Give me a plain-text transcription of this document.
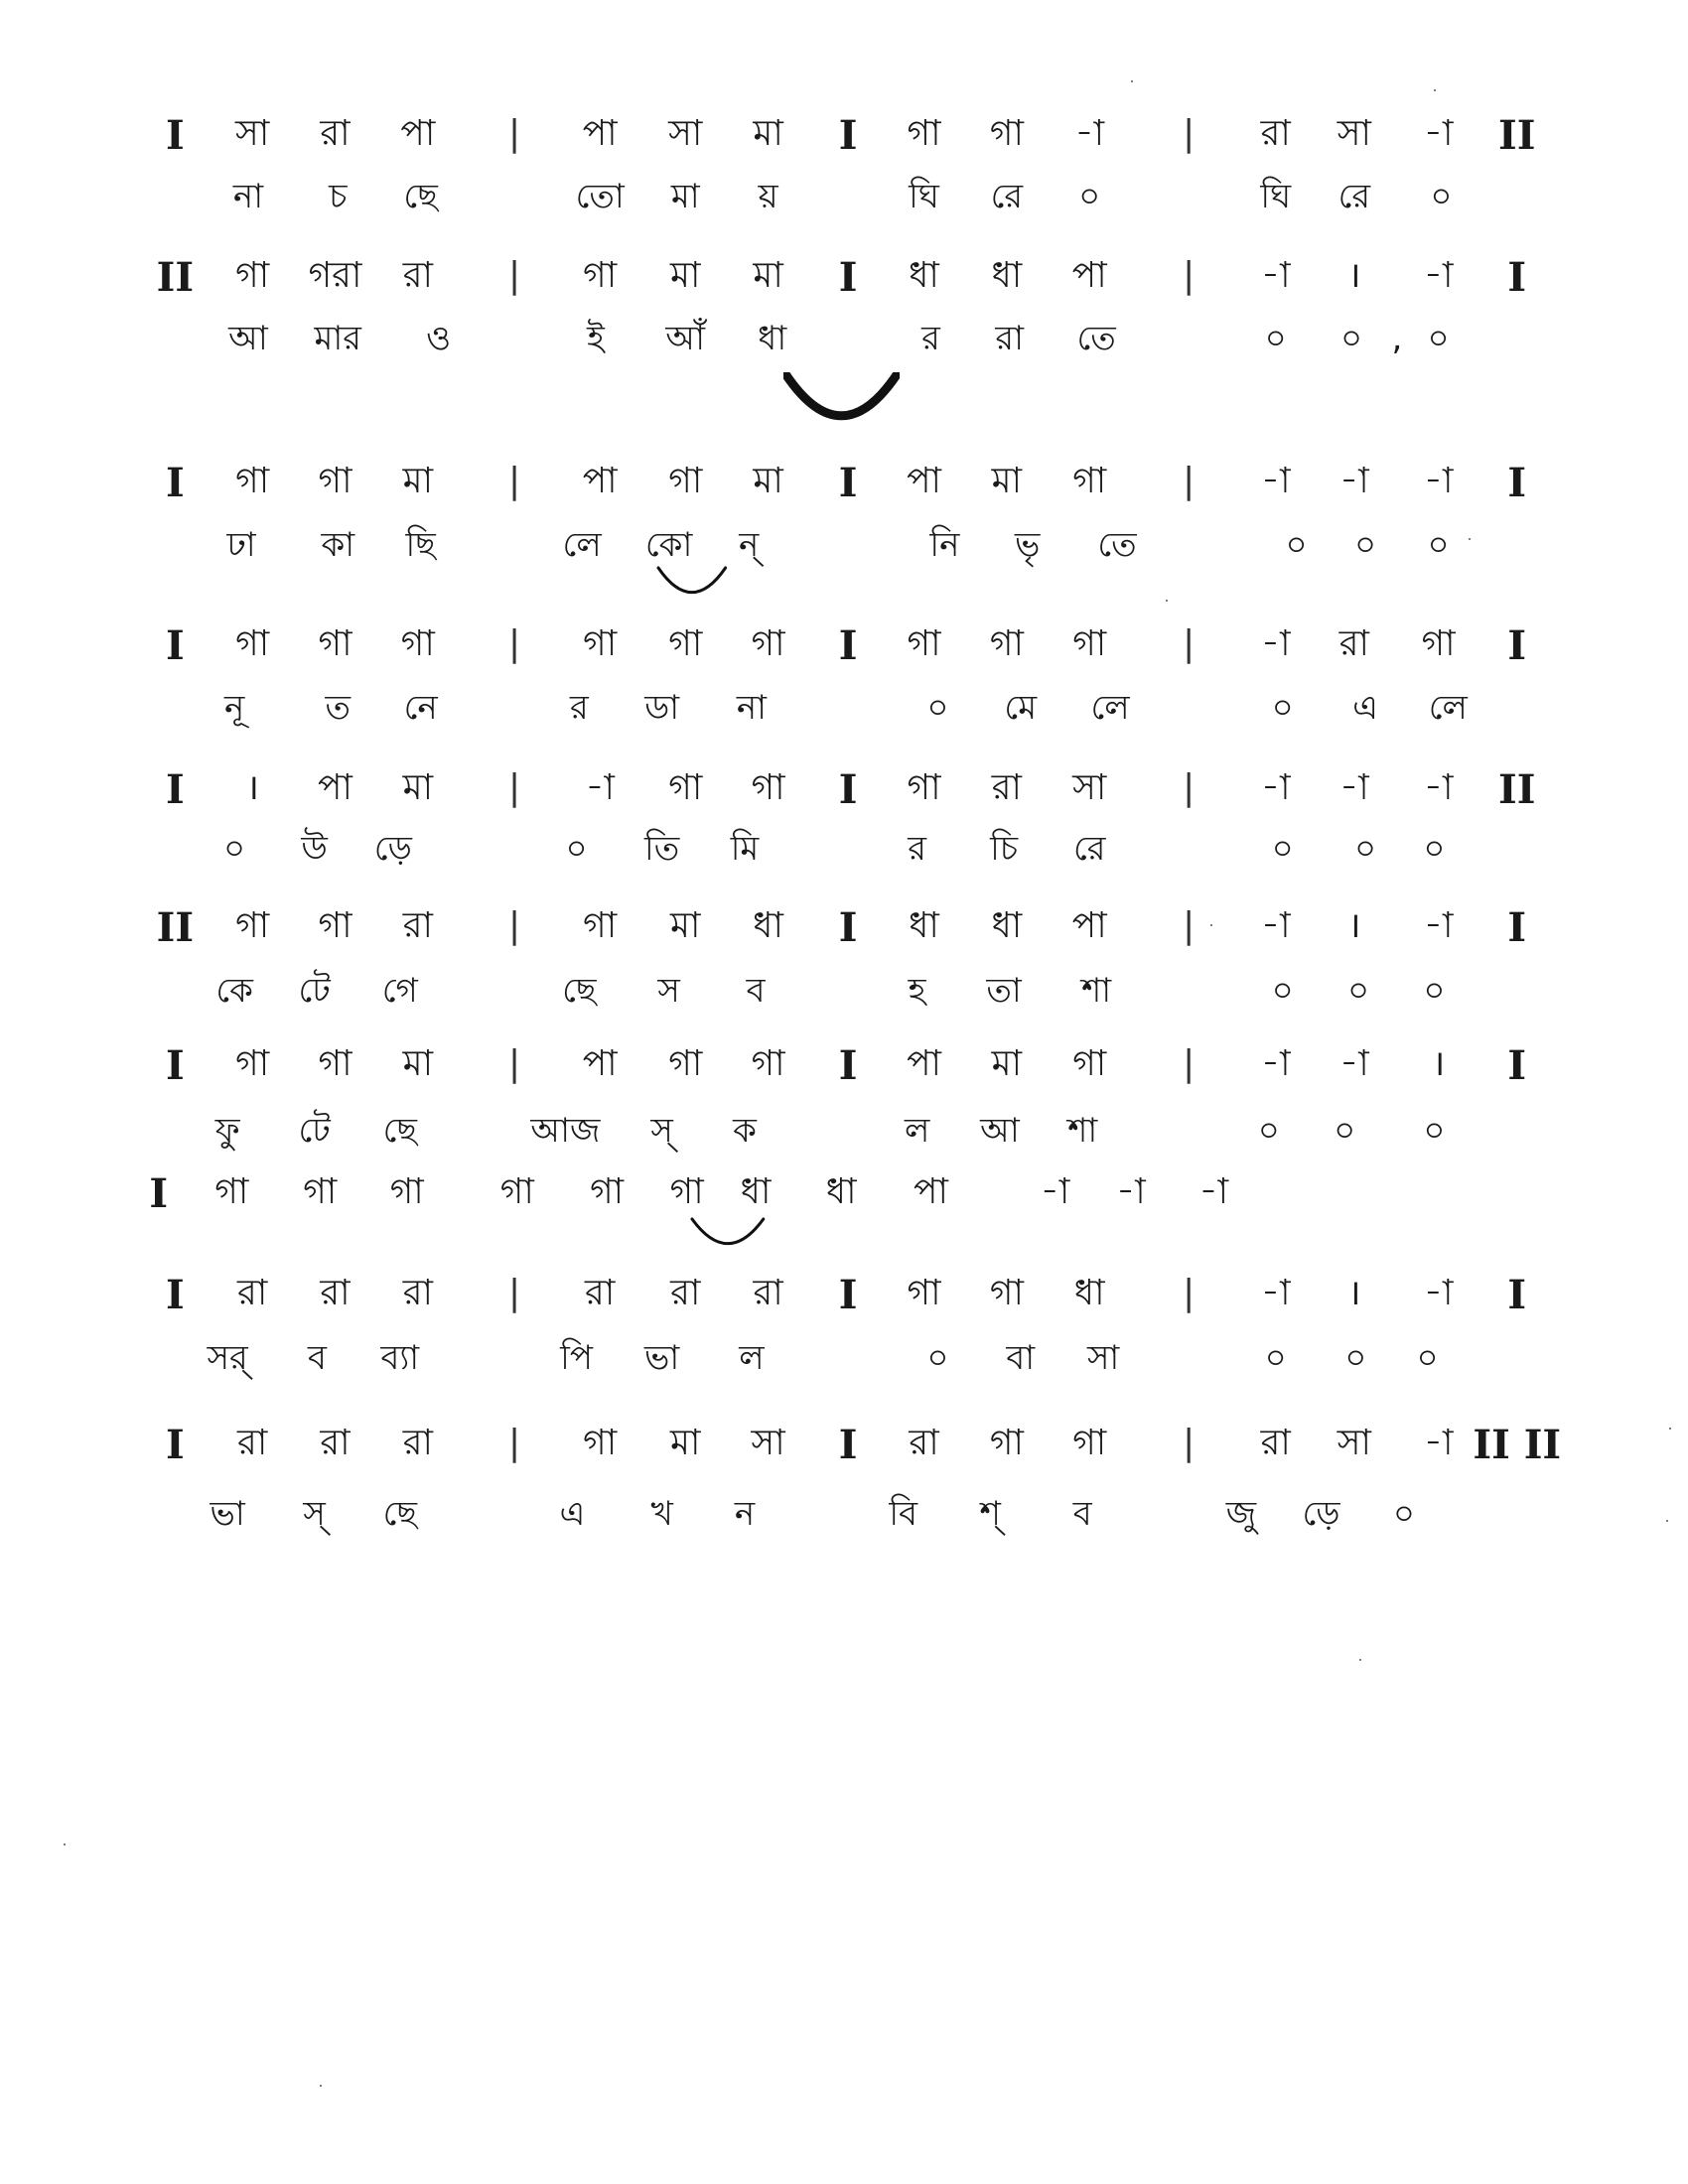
I সা রা পা | পা সা মা I গা গা -া | রা সা -া II
না চ ছে	তো মা য়	ঘি রে ০	ঘি রে ০
II গা গরা রা | গা মা মা I ধা ধা পা | -া । -া I
আ মার ও	ই আঁ ধা	র রা তে	০ ০ , ০
I গা গা মা | পা গা মা I পা মা গা | -া -া -া I
ঢা কা ছি	লে কো ন্	নি ভৃ তে	০ ০ ০
I গা গা গা | গা গা গা I গা গা গা | -া রা গা I
নূ ত নে	র ডা না	০ মে লে	০ এ লে
I । পা মা | -া গা গা I গা রা সা | -া -া -া II
০ উ ড়ে	০ তি মি	র চি রে	০ ০ ০
II গা গা রা | গা মা ধা I ধা ধা পা | -া । -া I
কে টে গে	ছে স ব	হ তা শা	০ ০ ০
I গা গা মা | পা গা গা I পা মা গা | -া -া । I
ফু টে ছে	আজ স্ ক	ল আ শা	০ ০ ০
I গা গা গা গা গা গা ধা ধা পা	-া -া -া
I রা রা রা | রা রা রা I গা গা ধা | -া । -া I
সর্ ব ব্যা	পি ভা ল	০ বা সা	০ ০ ০
I রা রা রা | গা মা সা I রা গা গা | রা সা -া II II
ভা স্ ছে	এ খ ন	বি শ্ ব	জু ড়ে ০
